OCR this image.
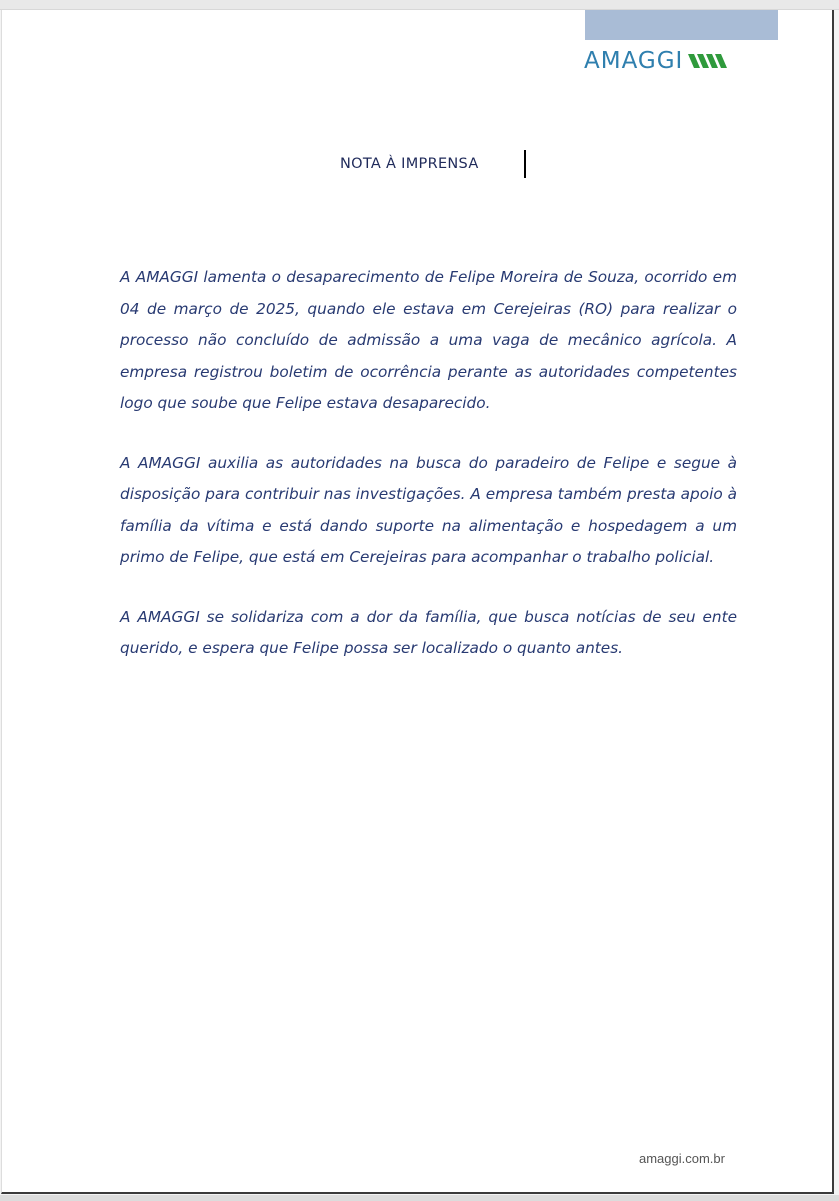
AMAGGI
NOTA À IMPRENSA

A AMAGGI lamenta o desaparecimento de Felipe Moreira de Souza, ocorrido em 04 de março de 2025, quando ele estava em Cerejeiras (RO) para realizar o processo não concluído de admissão a uma vaga de mecânico agrícola. A empresa registrou boletim de ocorrência perante as autoridades competentes logo que soube que Felipe estava desaparecido.

A AMAGGI auxilia as autoridades na busca do paradeiro de Felipe e segue à disposição para contribuir nas investigações. A empresa também presta apoio à família da vítima e está dando suporte na alimentação e hospedagem a um primo de Felipe, que está em Cerejeiras para acompanhar o trabalho policial.

A AMAGGI se solidariza com a dor da família, que busca notícias de seu ente querido, e espera que Felipe possa ser localizado o quanto antes.

amaggi.com.br
